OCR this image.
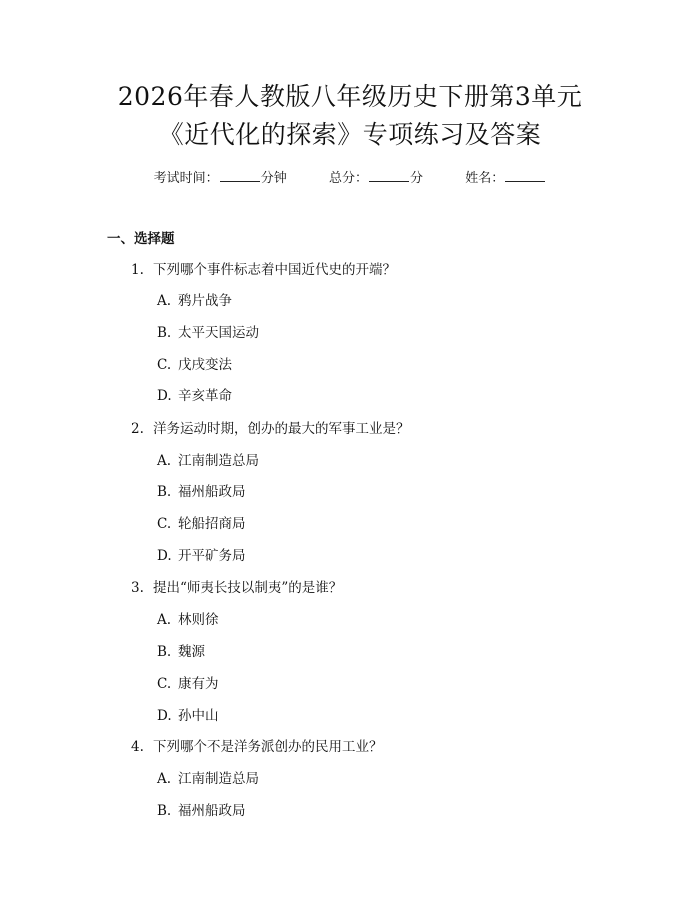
2026年春人教版八年级历史下册第3单元
《近代化的探索》专项练习及答案
考试时间：	分钟	总分：	分	姓名：
一、选择题
1. 下列哪个事件标志着中国近代史的开端？
A. 鸦片战争
B. 太平天国运动
C. 戊戌变法
D. 辛亥革命
2. 洋务运动时期，创办的最大的军事工业是？
A. 江南制造总局
B. 福州船政局
C. 轮船招商局
D. 开平矿务局
3. 提出“师夷长技以制夷”的是谁？
A. 林则徐
B. 魏源
C. 康有为
D. 孙中山
4. 下列哪个不是洋务派创办的民用工业？
A. 江南制造总局
B. 福州船政局
